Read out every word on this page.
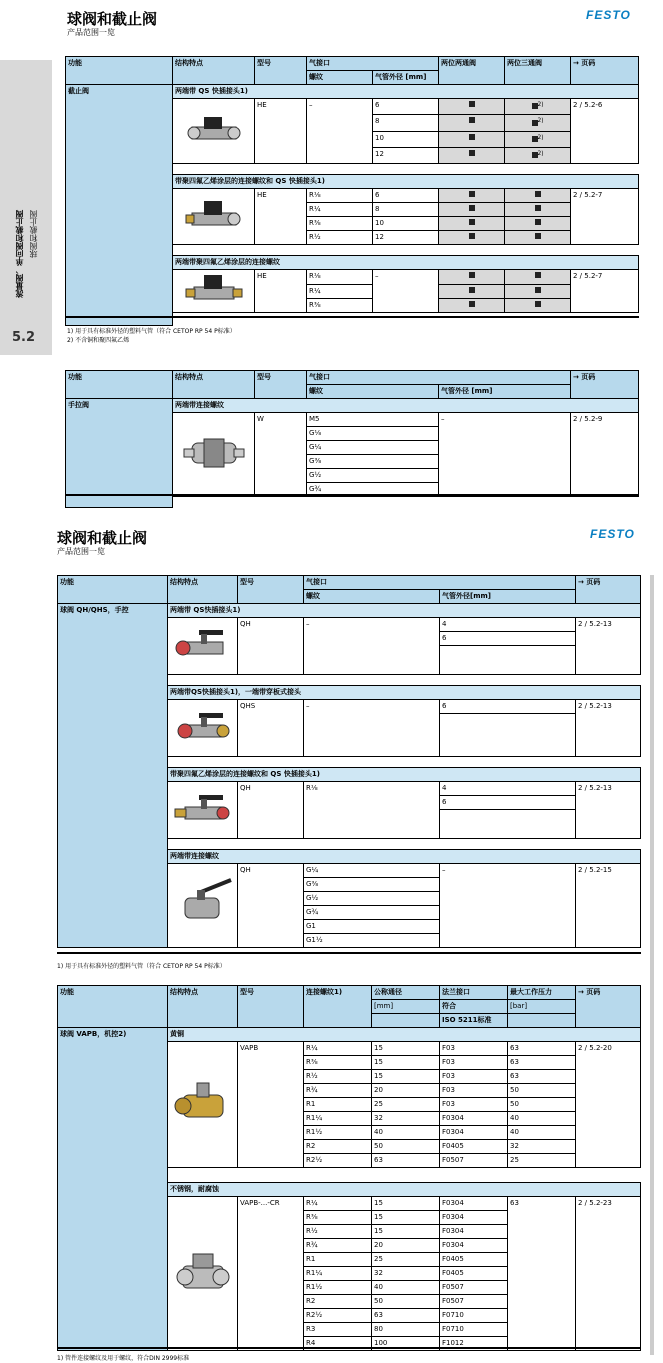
球阀和截止阀
产品范围一览
FESTO
流量阀、单向阀和截止阀 球阀和截止阀
5.2
功能	结构特点	型号	气接口		两位两通阀	两位三通阀	→ 页码
			螺纹	气管外径 [mm]			
截止阀	两端带 QS 快插接头1)						
	HE	–	6		$^{2)}$	2 / 5.2-6
				8		$^{2)}$
				10		$^{2)}$
				12		$^{2)}$

	带聚四氟乙烯涂层的连接螺纹和 QS 快插接头1)						
	HE	R⅛	6			2 / 5.2-7
			R¼	8			
			R⅜	10			
			R½	12			

	两端带聚四氟乙烯涂层的连接螺纹						
	HE	R⅛	–			2 / 5.2-7
			R¼				
			R⅜				

1) 用于具有标准外径的塑料气管（符合 CETOP RP 54 P标准）
2) 不含铜和聚四氟乙烯
功能	结构特点	型号	气接口		→ 页码
			螺纹	气管外径 [mm]	
手拉阀	两端带连接螺纹				
	W	M5	–	2 / 5.2-9
			G⅛		
			G¼		
			G⅜		
			G½		
			G¾		

球阀和截止阀
产品范围一览
FESTO
功能	结构特点	型号	气接口		→ 页码
			螺纹	气管外径[mm]	
球阀 QH/QHS，手控	两端带 QS快插接头1)				
	QH	–	4	2 / 5.2-13
				6	

	两端带QS快插接头1)，一端带穿板式接头				
	QHS	–	6	2 / 5.2-13

	带聚四氟乙烯涂层的连接螺纹和 QS 快插接头1)				
	QH	R⅛	4	2 / 5.2-13
				6	

	两端带连接螺纹				
	QH	G¼	–	2 / 5.2-15
			G⅜		
			G½		
			G¾		
			G1		
			G1½		
1) 用于具有标准外径的塑料气管（符合 CETOP RP 54 P标准）
功能	结构特点	型号	连接螺纹1)	公称通径	法兰接口	最大工作压力	→ 页码
				[mm]	符合	[bar]	
					ISO 5211标准		
球阀 VAPB，机控2)	黄铜						
	VAPB	R¼	15	F03	63	2 / 5.2-20
			R⅜	15	F03	63	
			R½	15	F03	63	
			R¾	20	F03	50	
			R1	25	F03	50	
			R1¼	32	F0304	40	
			R1½	40	F0304	40	
			R2	50	F0405	32	
			R2½	63	F0507	25	

	不锈钢，耐腐蚀						
	VAPB-...-CR	R¼	15	F0304	63	2 / 5.2-23
			R⅜	15	F0304		
			R½	15	F0304		
			R¾	20	F0304		
			R1	25	F0405		
			R1¼	32	F0405		
			R1½	40	F0507		
			R2	50	F0507		
			R2½	63	F0710		
			R3	80	F0710		
			R4	100	F1012		
1) 管件连接螺纹及用于螺纹，符合DIN 2999标准
